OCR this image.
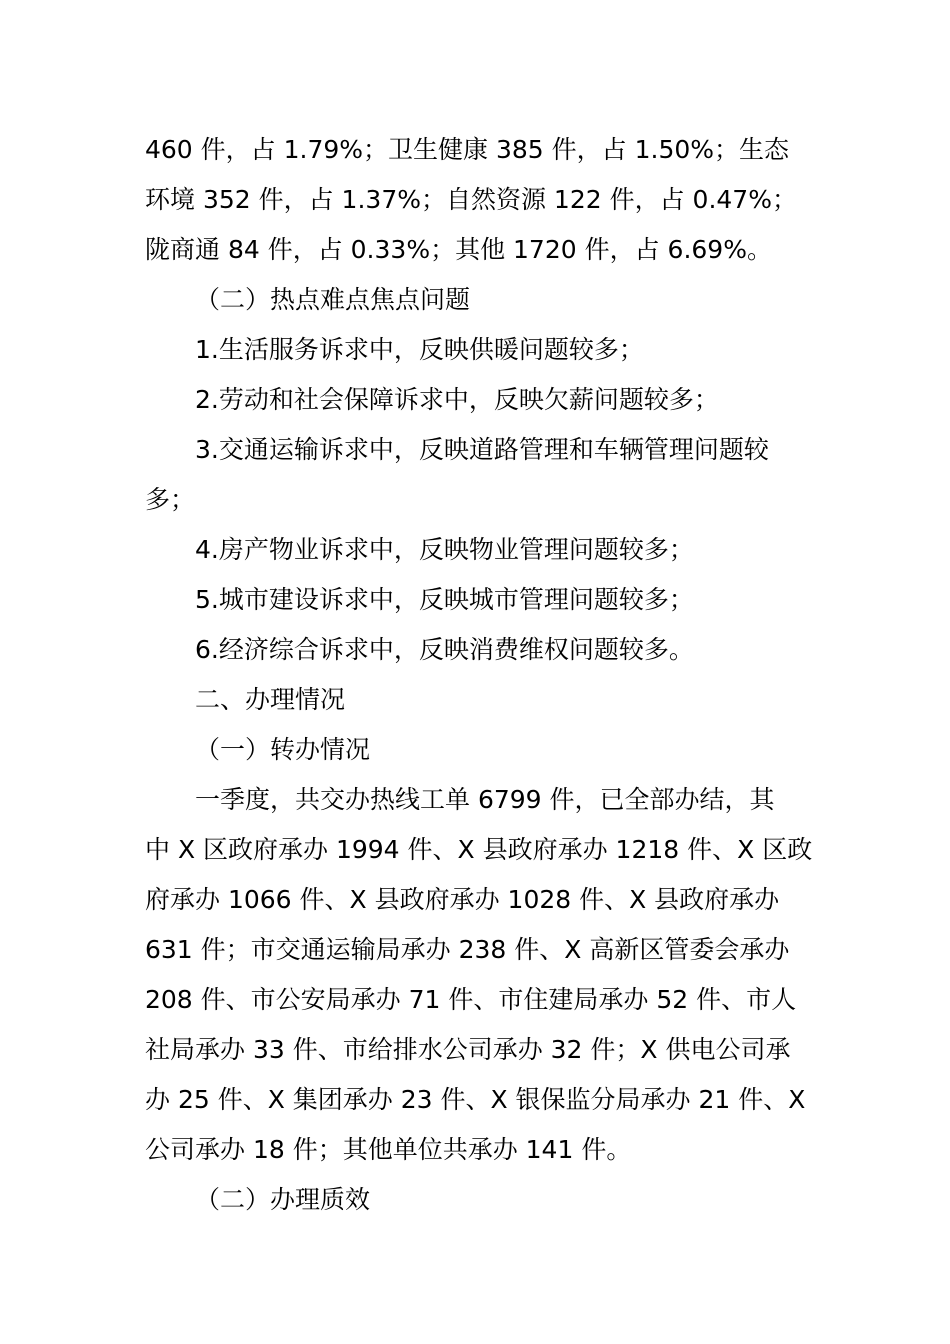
460 件，占 1.79%；卫生健康 385 件，占 1.50%；生态
环境 352 件，占 1.37%；自然资源 122 件，占 0.47%；
陇商通 84 件，占 0.33%；其他 1720 件，占 6.69%。
（二）热点难点焦点问题
1.生活服务诉求中，反映供暖问题较多；
2.劳动和社会保障诉求中，反映欠薪问题较多；
3.交通运输诉求中，反映道路管理和车辆管理问题较
多；
4.房产物业诉求中，反映物业管理问题较多；
5.城市建设诉求中，反映城市管理问题较多；
6.经济综合诉求中，反映消费维权问题较多。
二、办理情况
（一）转办情况
一季度，共交办热线工单 6799 件，已全部办结，其
中 X 区政府承办 1994 件、X 县政府承办 1218 件、X 区政
府承办 1066 件、X 县政府承办 1028 件、X 县政府承办
631 件；市交通运输局承办 238 件、X 高新区管委会承办
208 件、市公安局承办 71 件、市住建局承办 52 件、市人
社局承办 33 件、市给排水公司承办 32 件；X 供电公司承
办 25 件、X 集团承办 23 件、X 银保监分局承办 21 件、X
公司承办 18 件；其他单位共承办 141 件。
（二）办理质效
